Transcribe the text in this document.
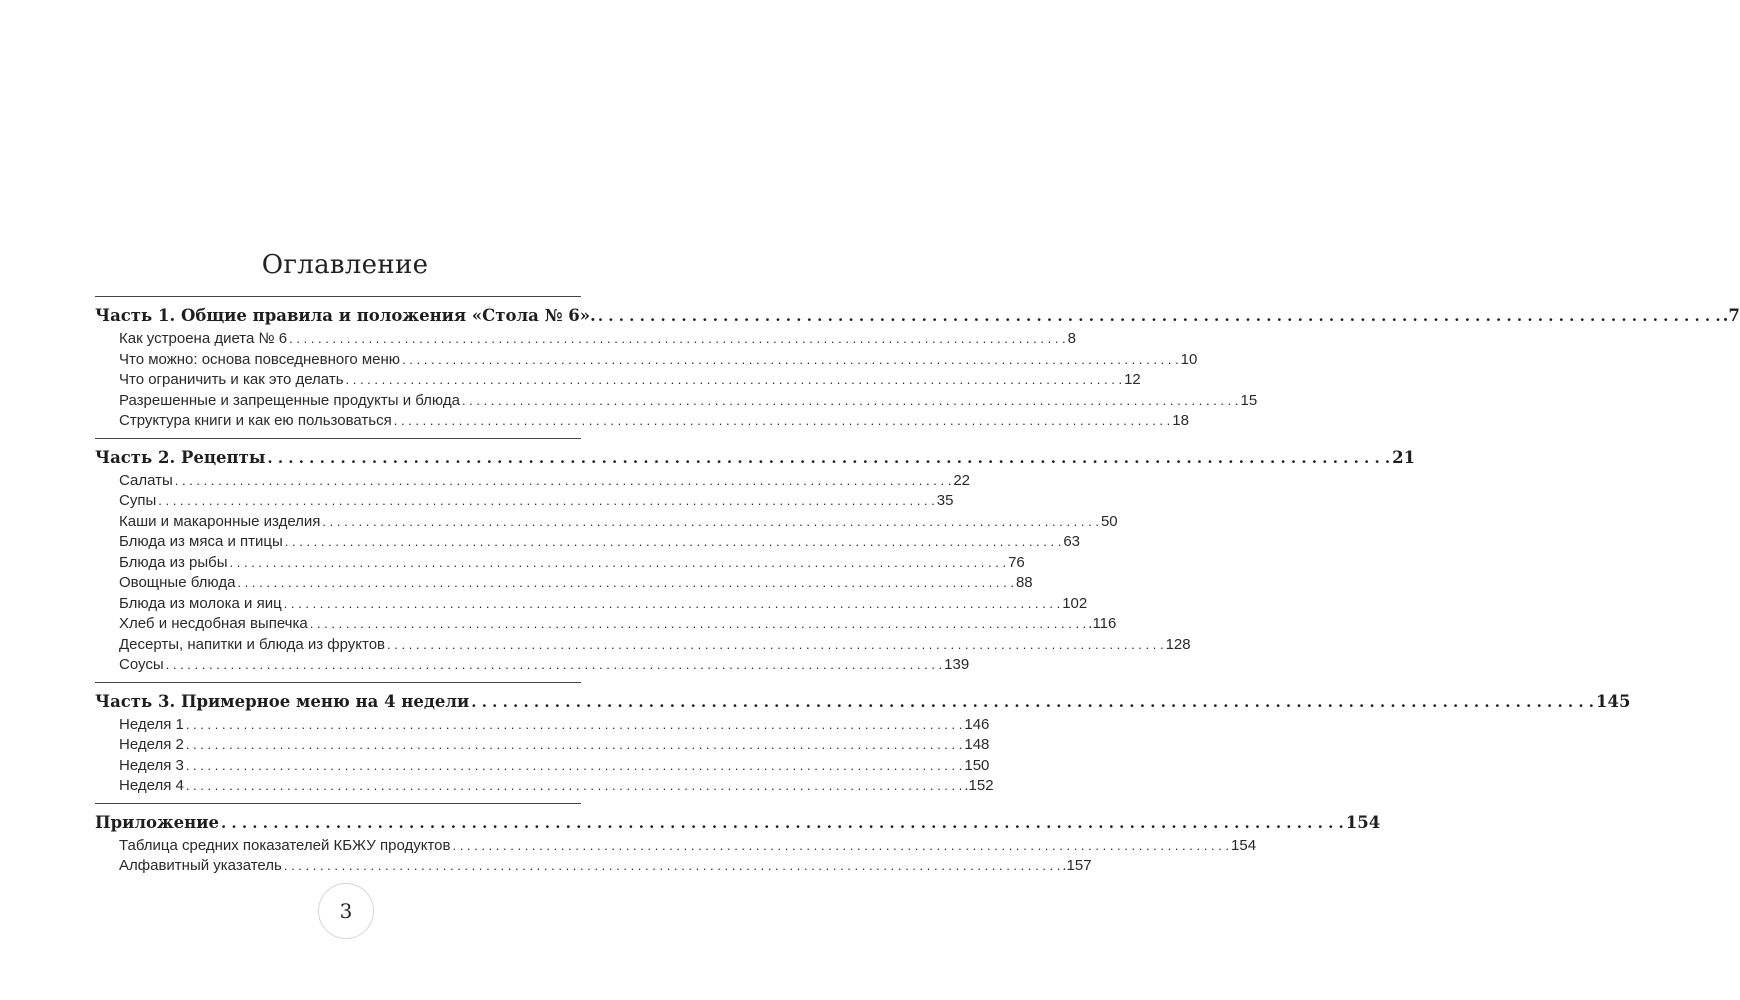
Оглавление
Часть 1. Общие правила и положения «Стола № 6». . . .	.7
Как устроена диета № 6 . . .	8
Что можно: основа повседневного меню . . .	10
Что ограничить и как это делать . . .	12
Разрешенные и запрещенные продукты и блюда . . .	15
Структура книги и как ею пользоваться . . .	18
Часть 2. Рецепты . . .	21
Салаты . . .	22
Супы . . .	35
Каши и макаронные изделия . . .	50
Блюда из мяса и птицы . . .	63
Блюда из рыбы . . .	76
Овощные блюда . . .	88
Блюда из молока и яиц . . .	102
Хлеб и несдобная выпечка . . .	.116
Десерты, напитки и блюда из фруктов . . .	128
Соусы . . .	139
Часть 3. Примерное меню на 4 недели . . .	145
Неделя 1 . . .	146
Неделя 2 . . .	148
Неделя 3 . . .	150
Неделя 4 . . .	.152
Приложение . . .	154
Таблица средних показателей КБЖУ продуктов . . .	154
Алфавитный указатель . . .	.157
3
